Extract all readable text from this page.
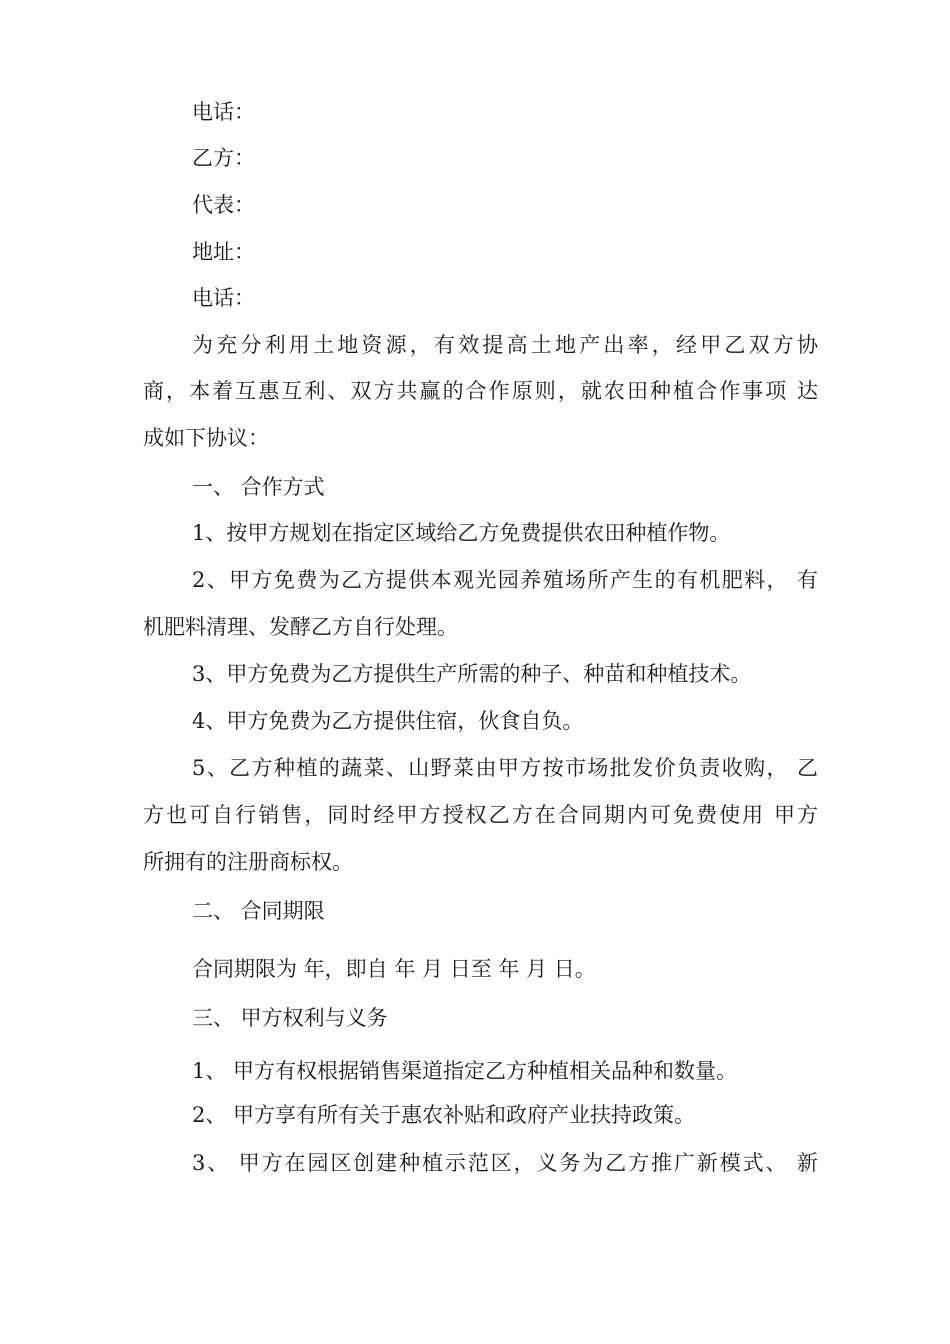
电话：

乙方：

代表：

地址：

电话：

为充分利用土地资源，有效提高土地产出率，经甲乙双方协

商，本着互惠互利、双方共赢的合作原则，就农田种植合作事项 达

成如下协议：

一、 合作方式

1、按甲方规划在指定区域给乙方免费提供农田种植作物。

2、甲方免费为乙方提供本观光园养殖场所产生的有机肥料， 有

机肥料清理、发酵乙方自行处理。

3、甲方免费为乙方提供生产所需的种子、种苗和种植技术。

4、甲方免费为乙方提供住宿，伙食自负。

5、乙方种植的蔬菜、山野菜由甲方按市场批发价负责收购， 乙

方也可自行销售，同时经甲方授权乙方在合同期内可免费使用 甲方

所拥有的注册商标权。

二、 合同期限

合同期限为 年，即自 年 月 日至 年 月 日。

三、 甲方权利与义务

1、 甲方有权根据销售渠道指定乙方种植相关品种和数量。

2、 甲方享有所有关于惠农补贴和政府产业扶持政策。

3、 甲方在园区创建种植示范区，义务为乙方推广新模式、 新
